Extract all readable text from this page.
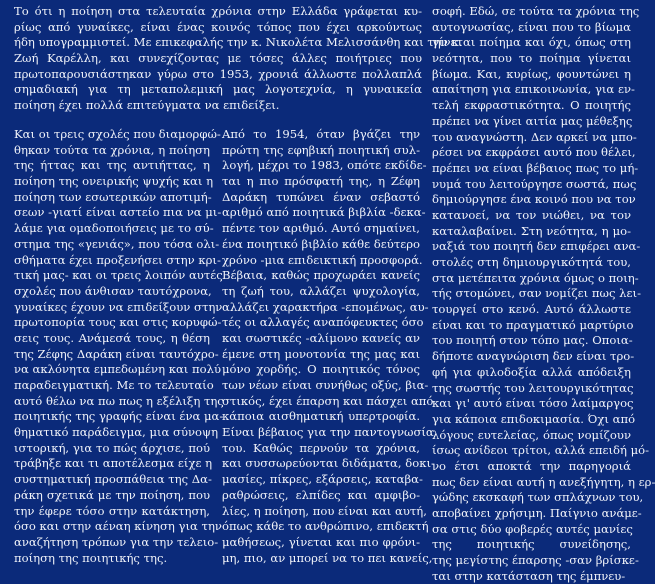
Το ότι η ποίηση στα τελευταία χρόνια στην Ελλάδα γράφεται κυ-
ρίως από γυναίκες, είναι ένας κοινός τόπος που έχει αρκούντως
ήδη υπογραμμιστεί. Με επικεφαλής την κ. Νικολέτα Μελισσάνθη και την κ.
Ζωή Καρέλλη, και συνεχίζοντας με τόσες άλλες ποιήτριες που
πρωτοπαρουσιάστηκαν γύρω στο 1953, χρονιά άλλωστε πολλαπλά
σημαδιακή για τη μεταπολεμική μας λογοτεχνία, η γυναικεία
ποίηση έχει πολλά επιτεύγματα να επιδείξει.
Και οι τρεις σχολές που διαμορφώ-
θηκαν τούτα τα χρόνια, η ποίηση
της ήττας και της αντιήττας, η
ποίηση της ονειρικής ψυχής και η
ποίηση των εσωτερικών αποτιμή-
σεων -γιατί είναι αστείο πια να μι-
λάμε για ομαδοποιήσεις με το σύ-
στημα της «γενιάς», που τόσα ολι-
σθήματα έχει προξενήσει στην κρι-
τική μας- και οι τρεις λοιπόν αυτές
σχολές που άνθισαν ταυτόχρονα,
γυναίκες έχουν να επιδείξουν στην
πρωτοπορία τους και στις κορυφώ-
σεις τους. Ανάμεσά τους, η θέση
της Ζέφης Δαράκη είναι ταυτόχρο-
να ακλόνητα εμπεδωμένη και πολύ
παραδειγματική. Με το τελευταίο
αυτό θέλω να πω πως η εξέλιξη της
ποιητικής της γραφής είναι ένα μα-
θηματικό παράδειγμα, μια σύνοψη
ιστορική, για το πώς άρχισε, πού
τράβηξε και τι αποτέλεσμα είχε η
συστηματική προσπάθεια της Δα-
ράκη σχετικά με την ποίηση, που
την έφερε τόσο στην κατάκτηση,
όσο και στην αέναη κίνηση για την
αναζήτηση τρόπων για την τελειο-
ποίηση της ποιητικής της.
Από το 1954, όταν βγάζει την
πρώτη της εφηβική ποιητική συλ-
λογή, μέχρι το 1983, οπότε εκδίδε-
ται η πιο πρόσφατή της, η Ζέφη
Δαράκη τυπώνει έναν σεβαστό
αριθμό από ποιητικά βιβλία -δεκα-
πέντε τον αριθμό. Αυτό σημαίνει,
ένα ποιητικό βιβλίο κάθε δεύτερο
χρόνο -μια επιδεικτική προσφορά.
Βέβαια, καθώς προχωράει κανείς
τη ζωή του, αλλάζει ψυχολογία,
αλλάζει χαρακτήρα -επομένως, αυ-
τές οι αλλαγές αναπόφευκτες όσο
και σωστικές -αλίμονο κανείς αν
έμενε στη μονοτονία της μας και
μόνο χορδής. Ο ποιητικός τόνος
των νέων είναι συνήθως οξύς, βια-
στικός, έχει έπαρση και πάσχει από
κάποια αισθηματική υπερτροφία.
Είναι βέβαιος για την παντογνωσία
του. Καθώς περνούν τα χρόνια,
και συσσωρεύονται διδάματα, δοκι-
μασίες, πίκρες, εξάρσεις, καταβα-
ραθρώσεις, ελπίδες και αμφιβο-
λίες, η ποίηση, που είναι και αυτή,
όπως κάθε το ανθρώπινο, επιδεκτή
μαθήσεως, γίνεται και πιο φρόνι-
μη, πιο, αν μπορεί να το πει κανείς,
σοφή. Εδώ, σε τούτα τα χρόνια της
αυτογνωσίας, είναι που το βίωμα
γίνεται ποίημα και όχι, όπως στη
νεότητα, που το ποίημα γίνεται
βίωμα. Και, κυρίως, φουντώνει η
απαίτηση για επικοινωνία, για εν-
τελή εκφραστικότητα. Ο ποιητής
πρέπει να γίνει αιτία μας μέθεξης
του αναγνώστη. Δεν αρκεί να μπο-
ρέσει να εκφράσει αυτό που θέλει,
πρέπει να είναι βέβαιος πως το μή-
νυμά του λειτούργησε σωστά, πως
δημιούργησε ένα κοινό που να τον
κατανοεί, να τον νιώθει, να τον
καταλαβαίνει. Στη νεότητα, η μο-
ναξιά του ποιητή δεν επιφέρει ανα-
στολές στη δημιουργικότητά του,
στα μετέπειτα χρόνια όμως ο ποιη-
τής στομώνει, σαν νομίζει πως λει-
τουργεί στο κενό. Αυτό άλλωστε
είναι και το πραγματικό μαρτύριο
του ποιητή στον τόπο μας. Οποια-
δήποτε αναγνώριση δεν είναι τρο-
φή για φιλοδοξία αλλά απόδειξη
της σωστής του λειτουργικότητας
και γι' αυτό είναι τόσο λαίμαργος
για κάποια επιδοκιμασία. Όχι από
λόγους ευτελείας, όπως νομίζουν
ίσως ανίδεοι τρίτοι, αλλά επειδή μό-
νο έτσι αποκτά την παρηγοριά
πως δεν είναι αυτή η ανεξήγητη, η ερ-
γώδης εκσκαφή των σπλάχνων του,
αποβαίνει χρήσιμη. Παίγνιο ανάμε-
σα στις δύο φοβερές αυτές μανίες
της ποιητικής συνείδησης,
της μεγίστης έπαρσης -σαν βρίσκε-
ται στην κατάσταση της έμπνευ-
